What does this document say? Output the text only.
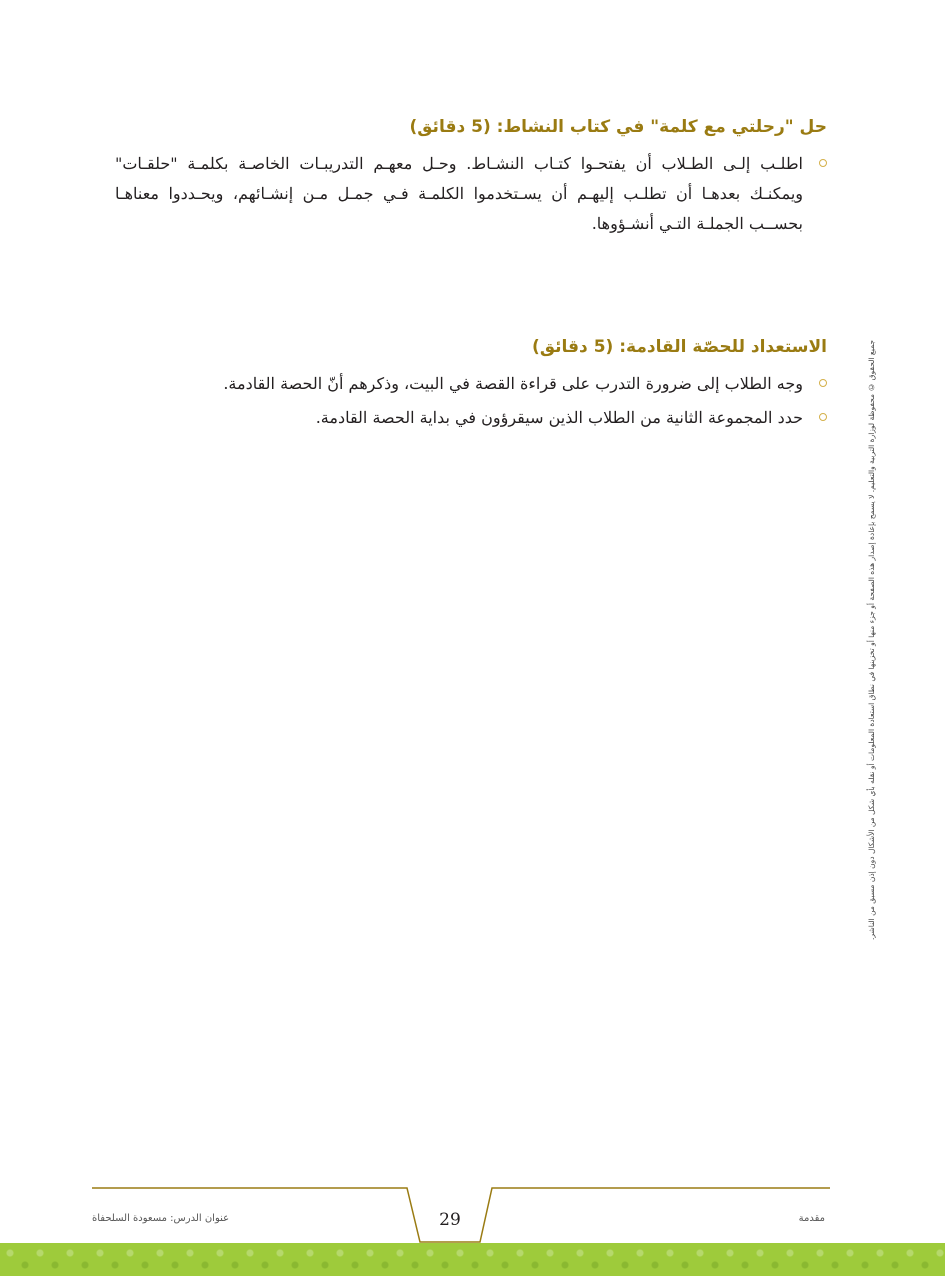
حل "رحلتي مع كلمة" في كتاب النشاط: (5 دقائق)
اطلـب إلـى الطـلاب أن يفتحـوا كتـاب النشـاط. وحـل معهـم التدريبـات الخاصـة بكلمـة "حلقـات" ويمكنـك بعدهـا أن تطلـب إليهـم أن يسـتخدموا الكلمـة فـي جمـل مـن إنشـائهم، ويحـددوا معناهـا بحســب الجملـة التـي أنشـؤوها.
الاستعداد للحصّة القادمة: (5 دقائق)
وجه الطلاب إلى ضرورة التدرب على قراءة القصة في البيت، وذكرهم أنّ الحصة القادمة.
حدد المجموعة الثانية من الطلاب الذين سيقرؤون في بداية الحصة القادمة.	جميع الحقوق © محفوظة لوزارة التربية والتعليم. لا يسمح بإعادة إصدار هذه الصفحة أو جزء منها أو تخزينها في نطاق استعادة المعلومات أو نقله بأي شكل من الأشكال دون إذن مسبق من الناشر.
عنوان الدرس: مسعودة السلحفاة	مقدمة
29
